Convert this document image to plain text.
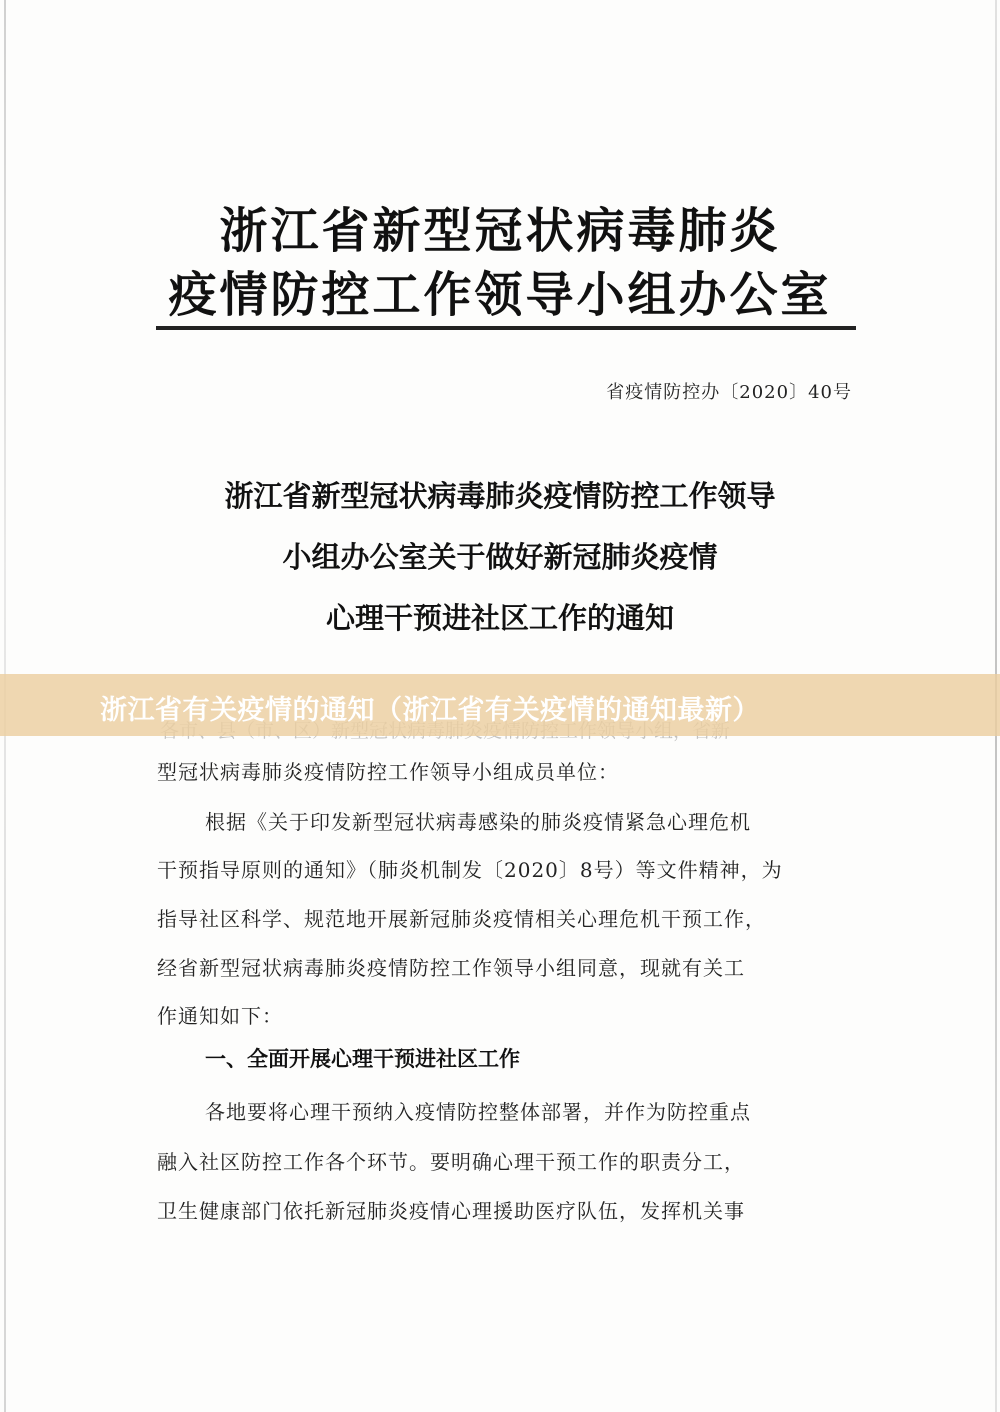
浙江省新型冠状病毒肺炎
疫情防控工作领导小组办公室
省疫情防控办〔2020〕40号
浙江省新型冠状病毒肺炎疫情防控工作领导
小组办公室关于做好新冠肺炎疫情
心理干预进社区工作的通知
浙江省有关疫情的通知（浙江省有关疫情的通知最新）
型冠状病毒肺炎疫情防控工作领导小组成员单位：
根据《关于印发新型冠状病毒感染的肺炎疫情紧急心理危机
干预指导原则的通知》（肺炎机制发〔2020〕8号）等文件精神，为
指导社区科学、规范地开展新冠肺炎疫情相关心理危机干预工作，
经省新型冠状病毒肺炎疫情防控工作领导小组同意，现就有关工
作通知如下：
一、全面开展心理干预进社区工作
各地要将心理干预纳入疫情防控整体部署，并作为防控重点
融入社区防控工作各个环节。要明确心理干预工作的职责分工，
卫生健康部门依托新冠肺炎疫情心理援助医疗队伍，发挥机关事
